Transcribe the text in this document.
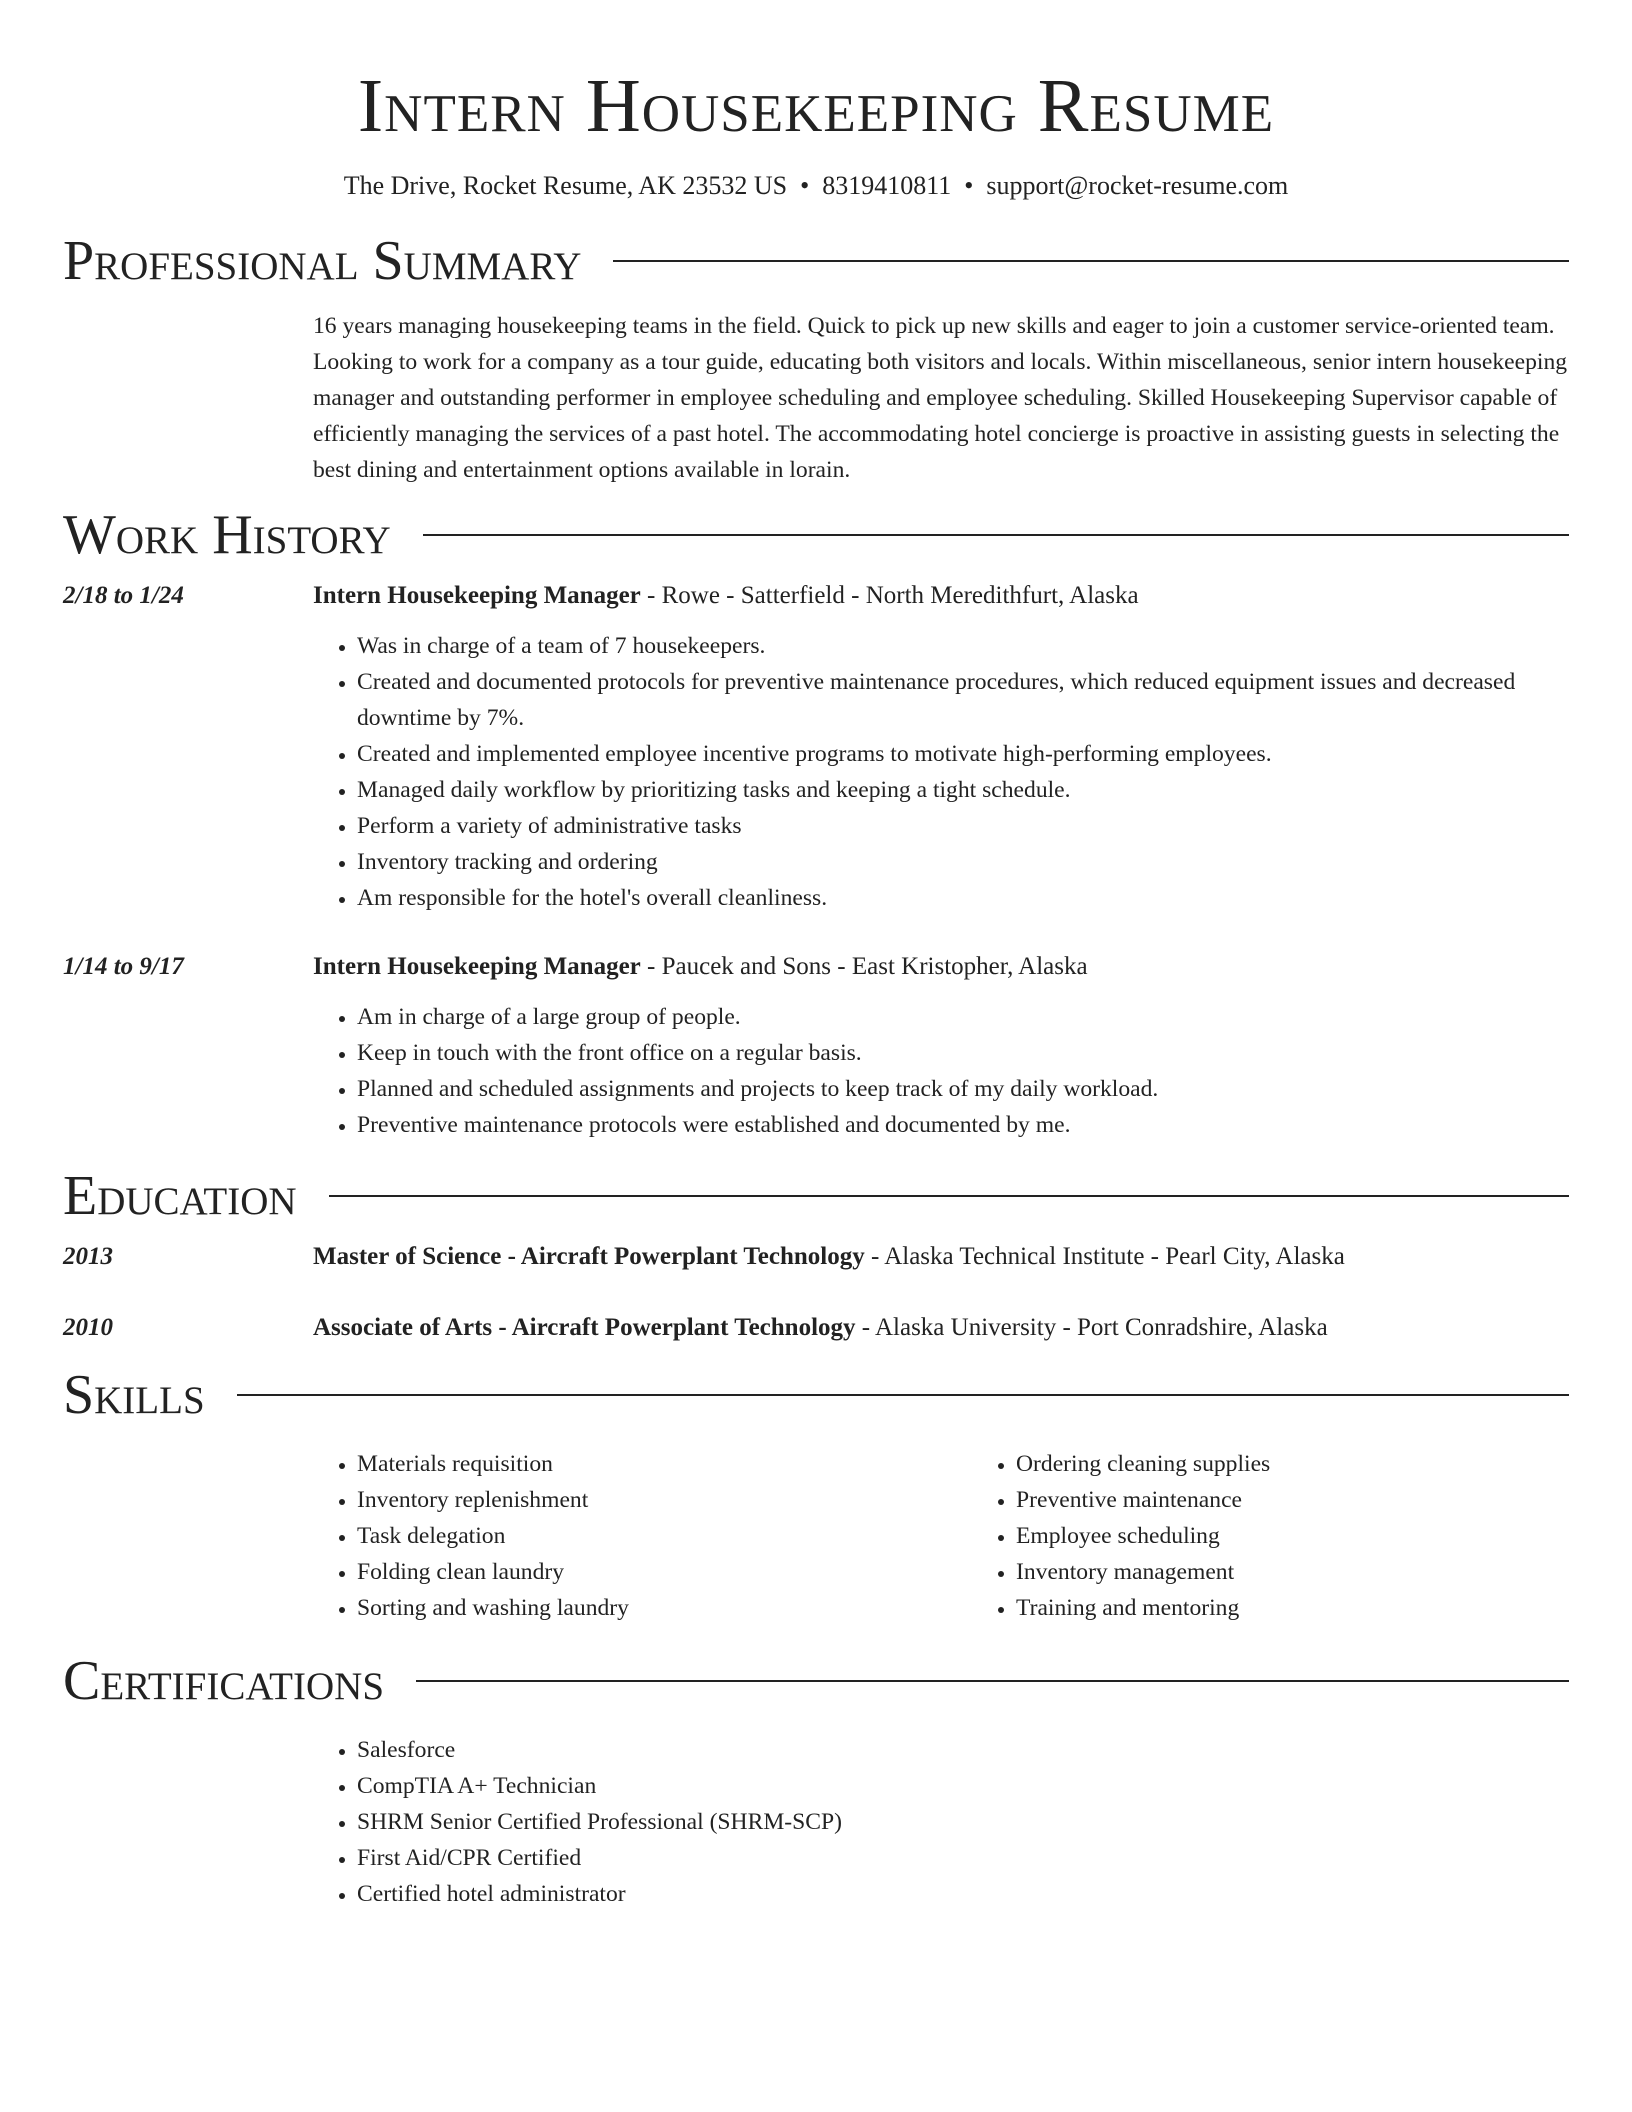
Intern Housekeeping Resume
The Drive, Rocket Resume, AK 23532 US • 8319410811 • support@rocket-resume.com
Professional Summary

16 years managing housekeeping teams in the field. Quick to pick up new skills and eager to join a customer service-oriented team. Looking to work for a company as a tour guide, educating both visitors and locals. Within miscellaneous, senior intern housekeeping manager and outstanding performer in employee scheduling and employee scheduling. Skilled Housekeeping Supervisor capable of efficiently managing the services of a past hotel. The accommodating hotel concierge is proactive in assisting guests in selecting the best dining and entertainment options available in lorain.

Work History
2/18 to 1/24	Intern Housekeeping Manager - Rowe - Satterfield - North Meredithfurt, Alaska
• Was in charge of a team of 7 housekeepers.
• Created and documented protocols for preventive maintenance procedures, which reduced equipment issues and decreased downtime by 7%.
• Created and implemented employee incentive programs to motivate high-performing employees.
• Managed daily workflow by prioritizing tasks and keeping a tight schedule.
• Perform a variety of administrative tasks
• Inventory tracking and ordering
• Am responsible for the hotel's overall cleanliness.
1/14 to 9/17	Intern Housekeeping Manager - Paucek and Sons - East Kristopher, Alaska
• Am in charge of a large group of people.
• Keep in touch with the front office on a regular basis.
• Planned and scheduled assignments and projects to keep track of my daily workload.
• Preventive maintenance protocols were established and documented by me.
Education
2013	Master of Science - Aircraft Powerplant Technology - Alaska Technical Institute - Pearl City, Alaska
2010	Associate of Arts - Aircraft Powerplant Technology - Alaska University - Port Conradshire, Alaska
Skills
• Materials requisition
• Inventory replenishment
• Task delegation
• Folding clean laundry
• Sorting and washing laundry
• Ordering cleaning supplies
• Preventive maintenance
• Employee scheduling
• Inventory management
• Training and mentoring
Certifications
• Salesforce
• CompTIA A+ Technician
• SHRM Senior Certified Professional (SHRM-SCP)
• First Aid/CPR Certified
• Certified hotel administrator
